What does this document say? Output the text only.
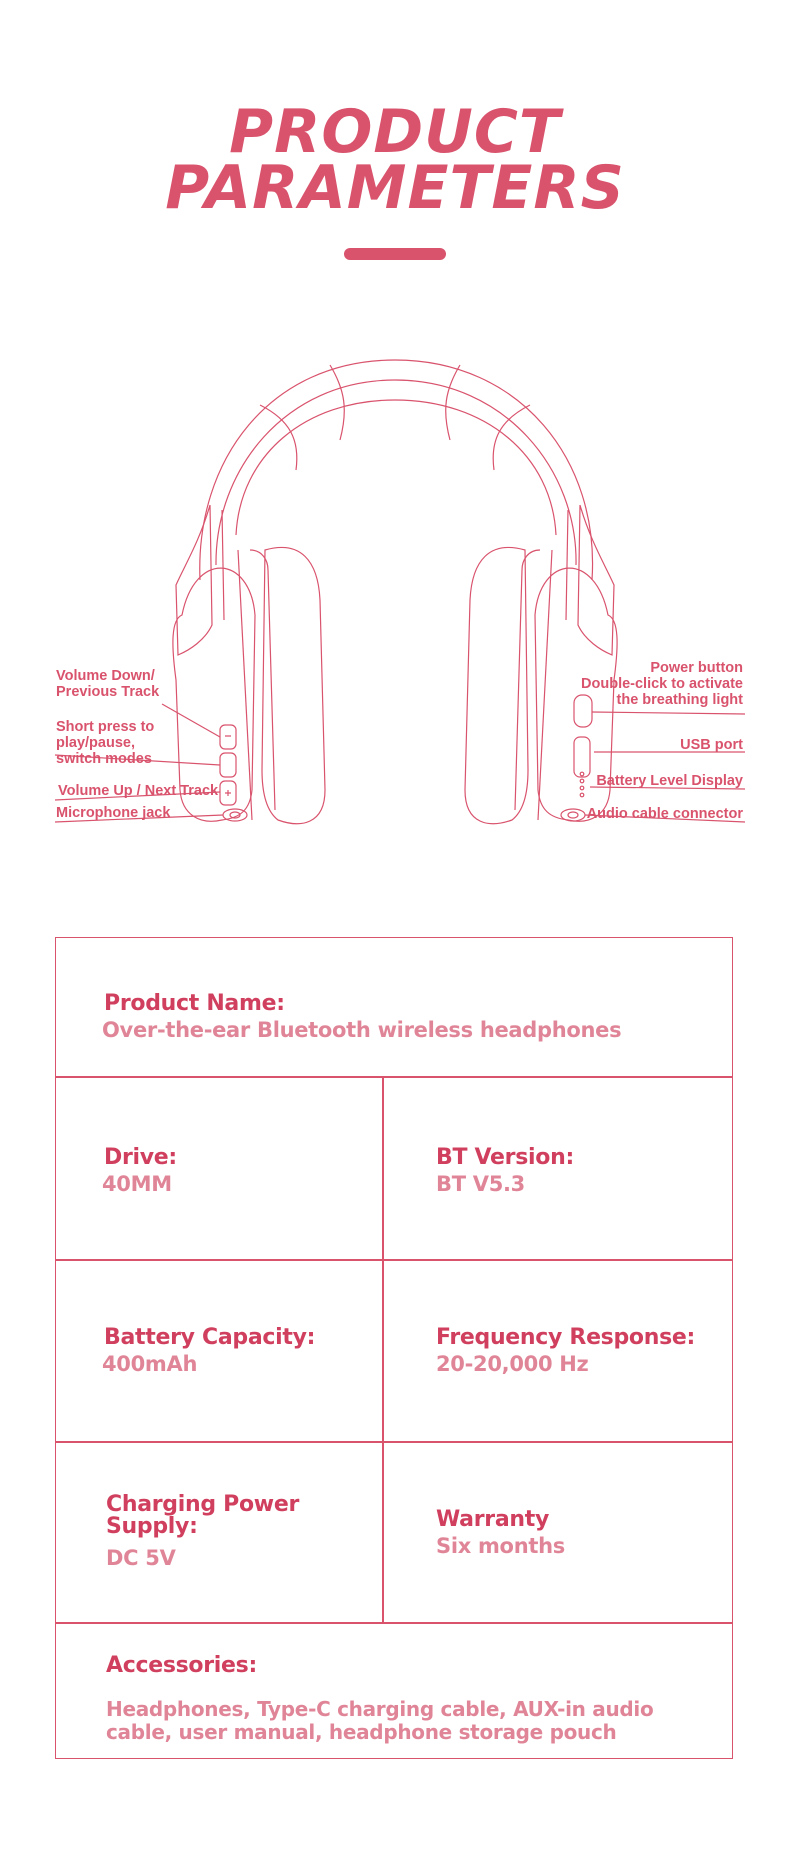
PRODUCT
PARAMETERS
Volume Down/
Previous Track
Short press to
play/pause,
switch modes
Volume Up / Next Track
Microphone jack
Power button
Double-click to activate
the breathing light
USB port
Battery Level Display
Audio cable connector
Product Name:
Over-the-ear Bluetooth wireless headphones
Drive:
40MM
BT Version:
BT V5.3
Battery Capacity:
400mAh
Frequency Response:
20-20,000 Hz
Charging Power
Supply:
DC 5V
Warranty
Six months
Accessories:
Headphones, Type-C charging cable, AUX-in audio
cable, user manual, headphone storage pouch
